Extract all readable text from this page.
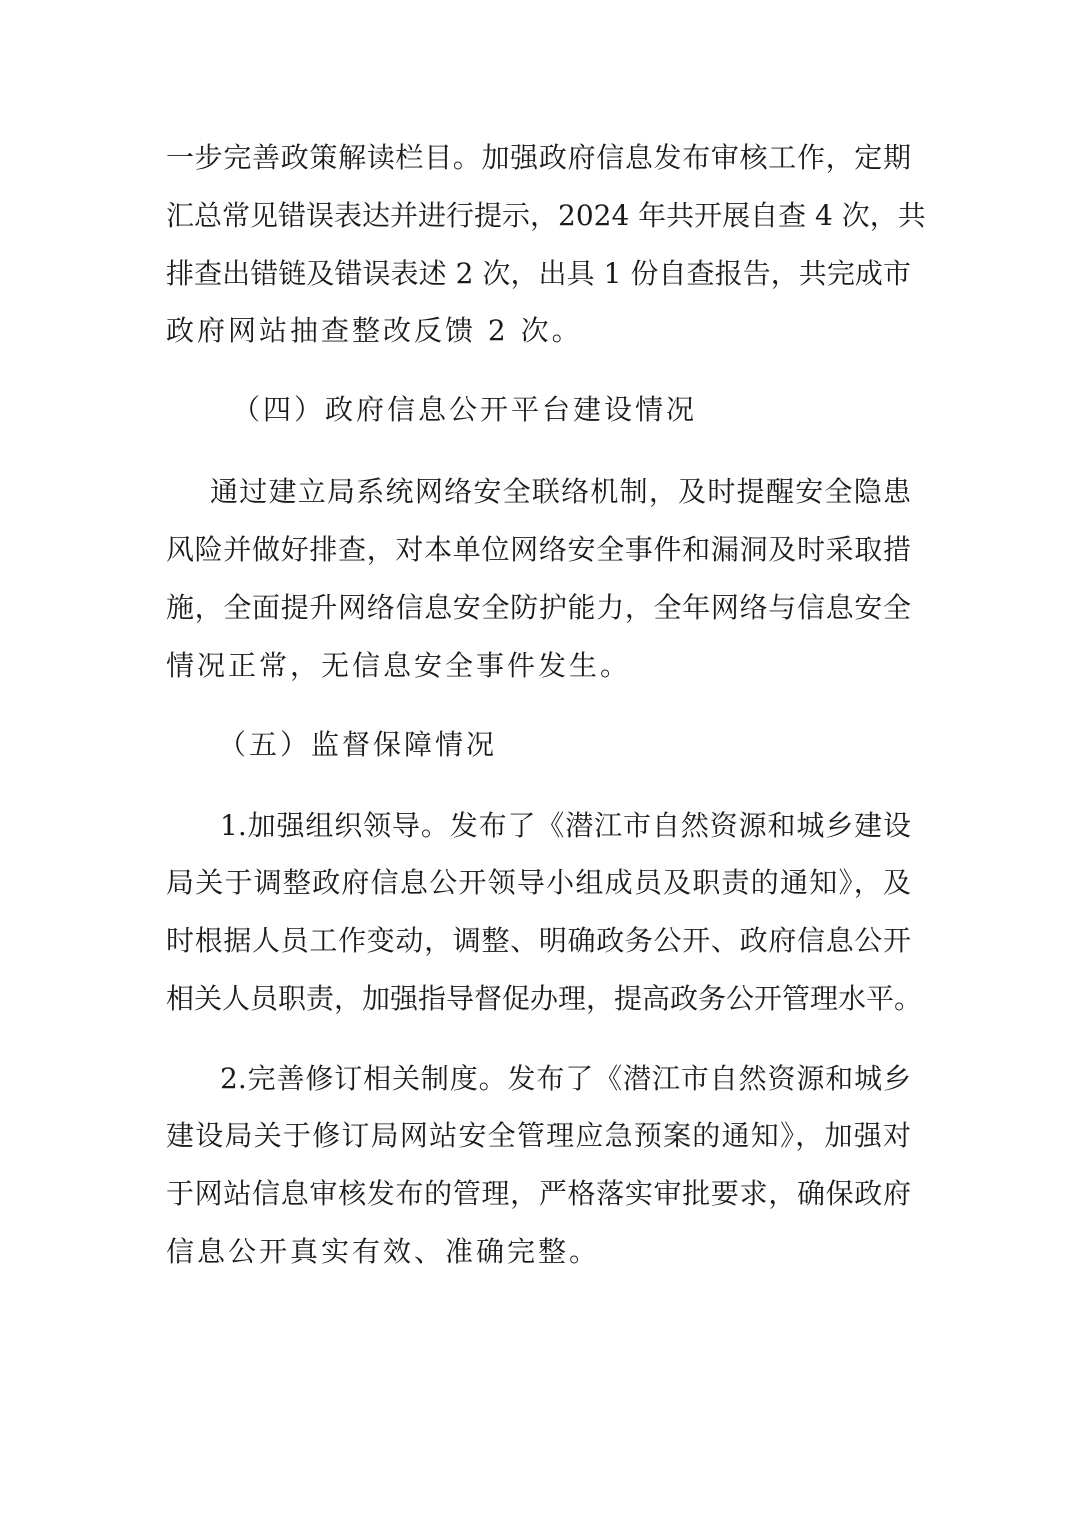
一步完善政策解读栏目。加强政府信息发布审核工作，定期
汇总常见错误表达并进行提示，2024 年共开展自查 4 次，共
排查出错链及错误表述 2 次，出具 1 份自查报告，共完成市
政府网站抽查整改反馈 2 次。
（四）政府信息公开平台建设情况
通过建立局系统网络安全联络机制，及时提醒安全隐患
风险并做好排查，对本单位网络安全事件和漏洞及时采取措
施，全面提升网络信息安全防护能力，全年网络与信息安全
情况正常，无信息安全事件发生。
（五）监督保障情况
1.加强组织领导。发布了《潜江市自然资源和城乡建设
局关于调整政府信息公开领导小组成员及职责的通知》，及
时根据人员工作变动，调整、明确政务公开、政府信息公开
相关人员职责，加强指导督促办理，提高政务公开管理水平。
2.完善修订相关制度。发布了《潜江市自然资源和城乡
建设局关于修订局网站安全管理应急预案的通知》，加强对
于网站信息审核发布的管理，严格落实审批要求，确保政府
信息公开真实有效、准确完整。
